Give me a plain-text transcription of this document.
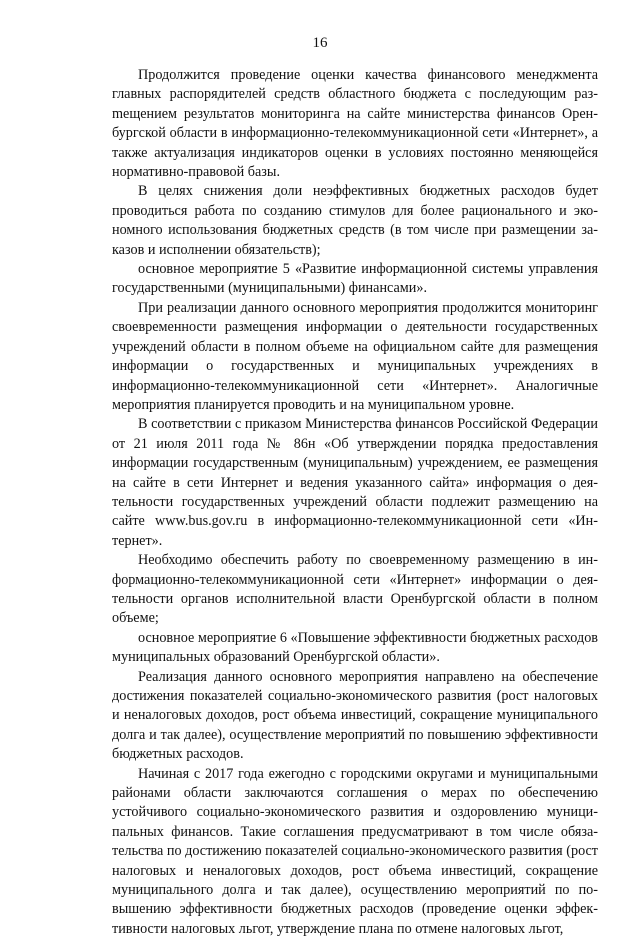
16

Продолжится проведение оценки качества финансового менеджмента главных распорядителей средств областного бюджета с последующим разmещением результатов мониторинга на сайте министерства финансов Оренбургской области в информационно-телекоммуникационной сети «Интернет», а также актуализация индикаторов оценки в условиях постоянно меняющейся нормативно-правовой базы.

В целях снижения доли неэффективных бюджетных расходов будет проводиться работа по созданию стимулов для более рационального и экономного использования бюджетных средств (в том числе при размещении заказов и исполнении обязательств);

основное мероприятие 5 «Развитие информационной системы управления государственными (муниципальными) финансами».

При реализации данного основного мероприятия продолжится мониторинг своевременности размещения информации о деятельности государственных учреждений области в полном объеме на официальном сайте для размещения информации о государственных и муниципальных учреждениях в информационно-телекоммуникационной сети «Интернет». Аналогичные мероприятия планируется проводить и на муниципальном уровне.

В соответствии с приказом Министерства финансов Российской Федерации от 21 июля 2011 года № 86н «Об утверждении порядка предоставления информации государственным (муниципальным) учреждением, ее размещения на сайте в сети Интернет и ведения указанного сайта» информация о деятельности государственных учреждений области подлежит размещению на сайте www.bus.gov.ru в информационно-телекоммуникационной сети «Интернет».

Необходимо обеспечить работу по своевременному размещению в информационно-телекоммуникационной сети «Интернет» информации о деятельности органов исполнительной власти Оренбургской области в полном объеме;

основное мероприятие 6 «Повышение эффективности бюджетных расходов муниципальных образований Оренбургской области».

Реализация данного основного мероприятия направлено на обеспечение достижения показателей социально-экономического развития (рост налоговых и неналоговых доходов, рост объема инвестиций, сокращение муниципального долга и так далее), осуществление мероприятий по повышению эффективности бюджетных расходов.

Начиная с 2017 года ежегодно с городскими округами и муниципальными районами области заключаются соглашения о мерах по обеспечению устойчивого социально-экономического развития и оздоровлению муниципальных финансов. Такие соглашения предусматривают в том числе обязательства по достижению показателей социально-экономического развития (рост налоговых и неналоговых доходов, рост объема инвестиций, сокращение муниципального долга и так далее), осуществлению мероприятий по повышению эффективности бюджетных расходов (проведение оценки эффективности налоговых льгот, утверждение плана по отмене налоговых льгот,
